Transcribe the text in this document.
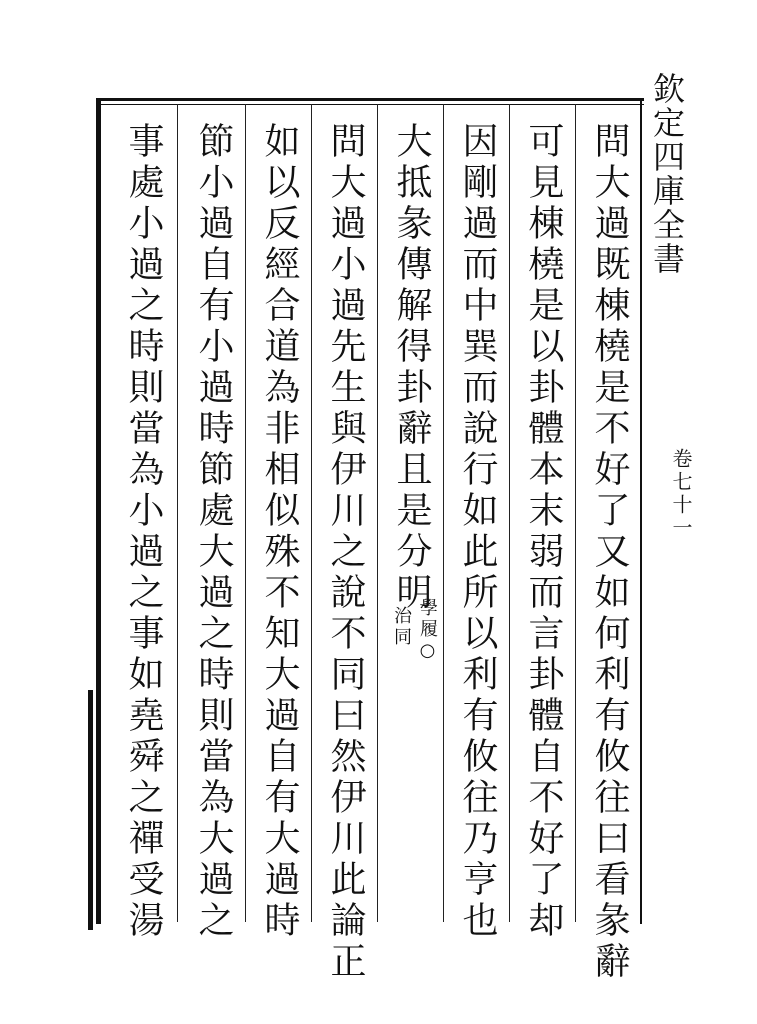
欽定四庫全書
卷七十一
問大過既棟橈是不好了又如何利有攸往曰看彖辭
可見棟橈是以卦體本末弱而言卦體自不好了却
因剛過而中巽而說行如此所以利有攸往乃亨也
大抵彖傳解得卦辭且是分明
學履○
治同
問大過小過先生與伊川之說不同曰然伊川此論正
如以反經合道為非相似殊不知大過自有大過時
節小過自有小過時節處大過之時則當為大過之
事處小過之時則當為小過之事如堯舜之禪受湯
